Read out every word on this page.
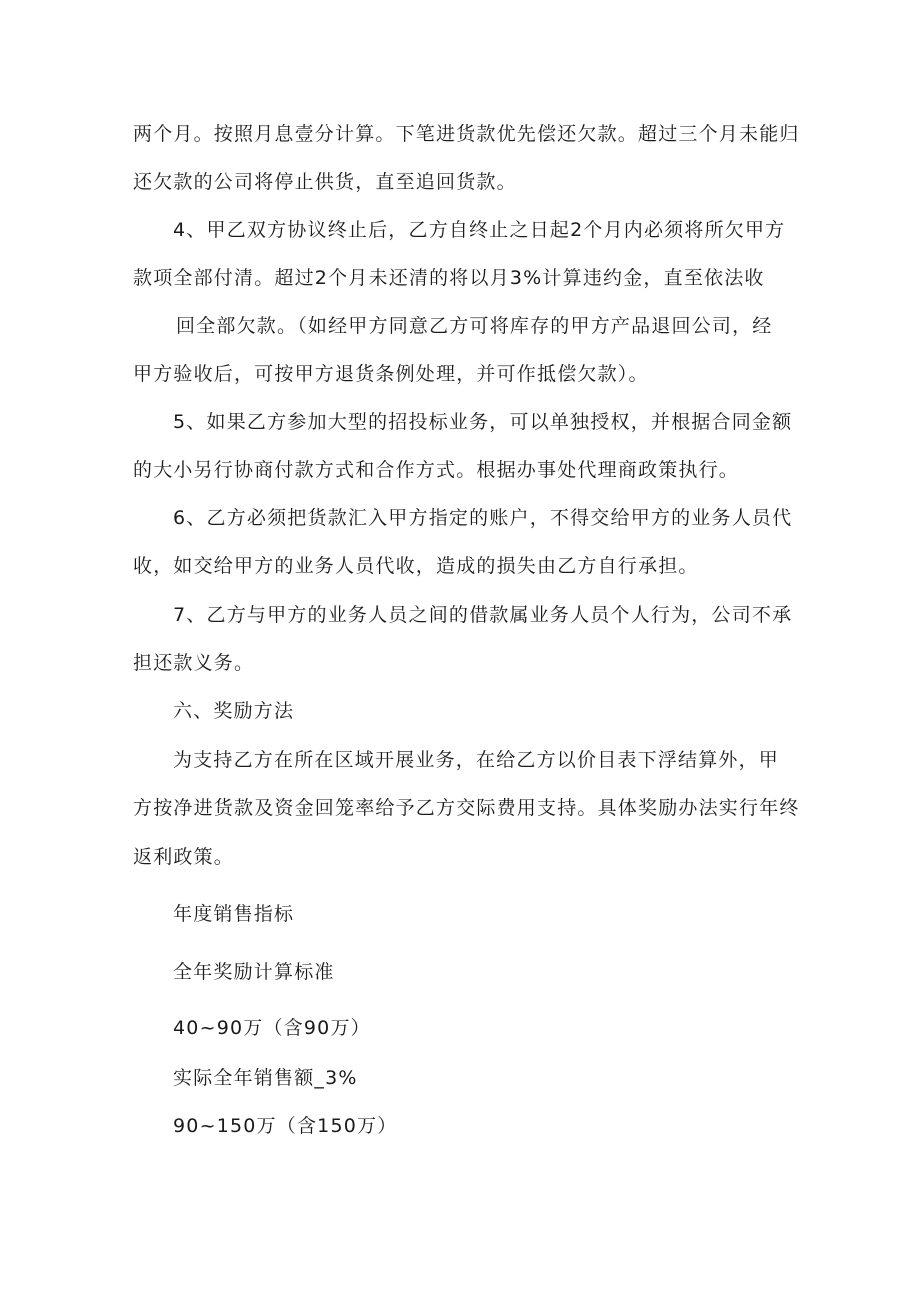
两个月。按照月息壹分计算。下笔进货款优先偿还欠款。超过三个月未能归
还欠款的公司将停止供货，直至追回货款。
4、甲乙双方协议终止后，乙方自终止之日起2个月内必须将所欠甲方
款项全部付清。超过2个月未还清的将以月3%计算违约金，直至依法收
回全部欠款。（如经甲方同意乙方可将库存的甲方产品退回公司，经
甲方验收后，可按甲方退货条例处理，并可作抵偿欠款）。
5、如果乙方参加大型的招投标业务，可以单独授权，并根据合同金额
的大小另行协商付款方式和合作方式。根据办事处代理商政策执行。
6、乙方必须把货款汇入甲方指定的账户，不得交给甲方的业务人员代
收，如交给甲方的业务人员代收，造成的损失由乙方自行承担。
7、乙方与甲方的业务人员之间的借款属业务人员个人行为，公司不承
担还款义务。
六、奖励方法
为支持乙方在所在区域开展业务，在给乙方以价目表下浮结算外，甲
方按净进货款及资金回笼率给予乙方交际费用支持。具体奖励办法实行年终
返利政策。
年度销售指标
全年奖励计算标准
40~90万（含90万）
实际全年销售额_3%
90~150万（含150万）
